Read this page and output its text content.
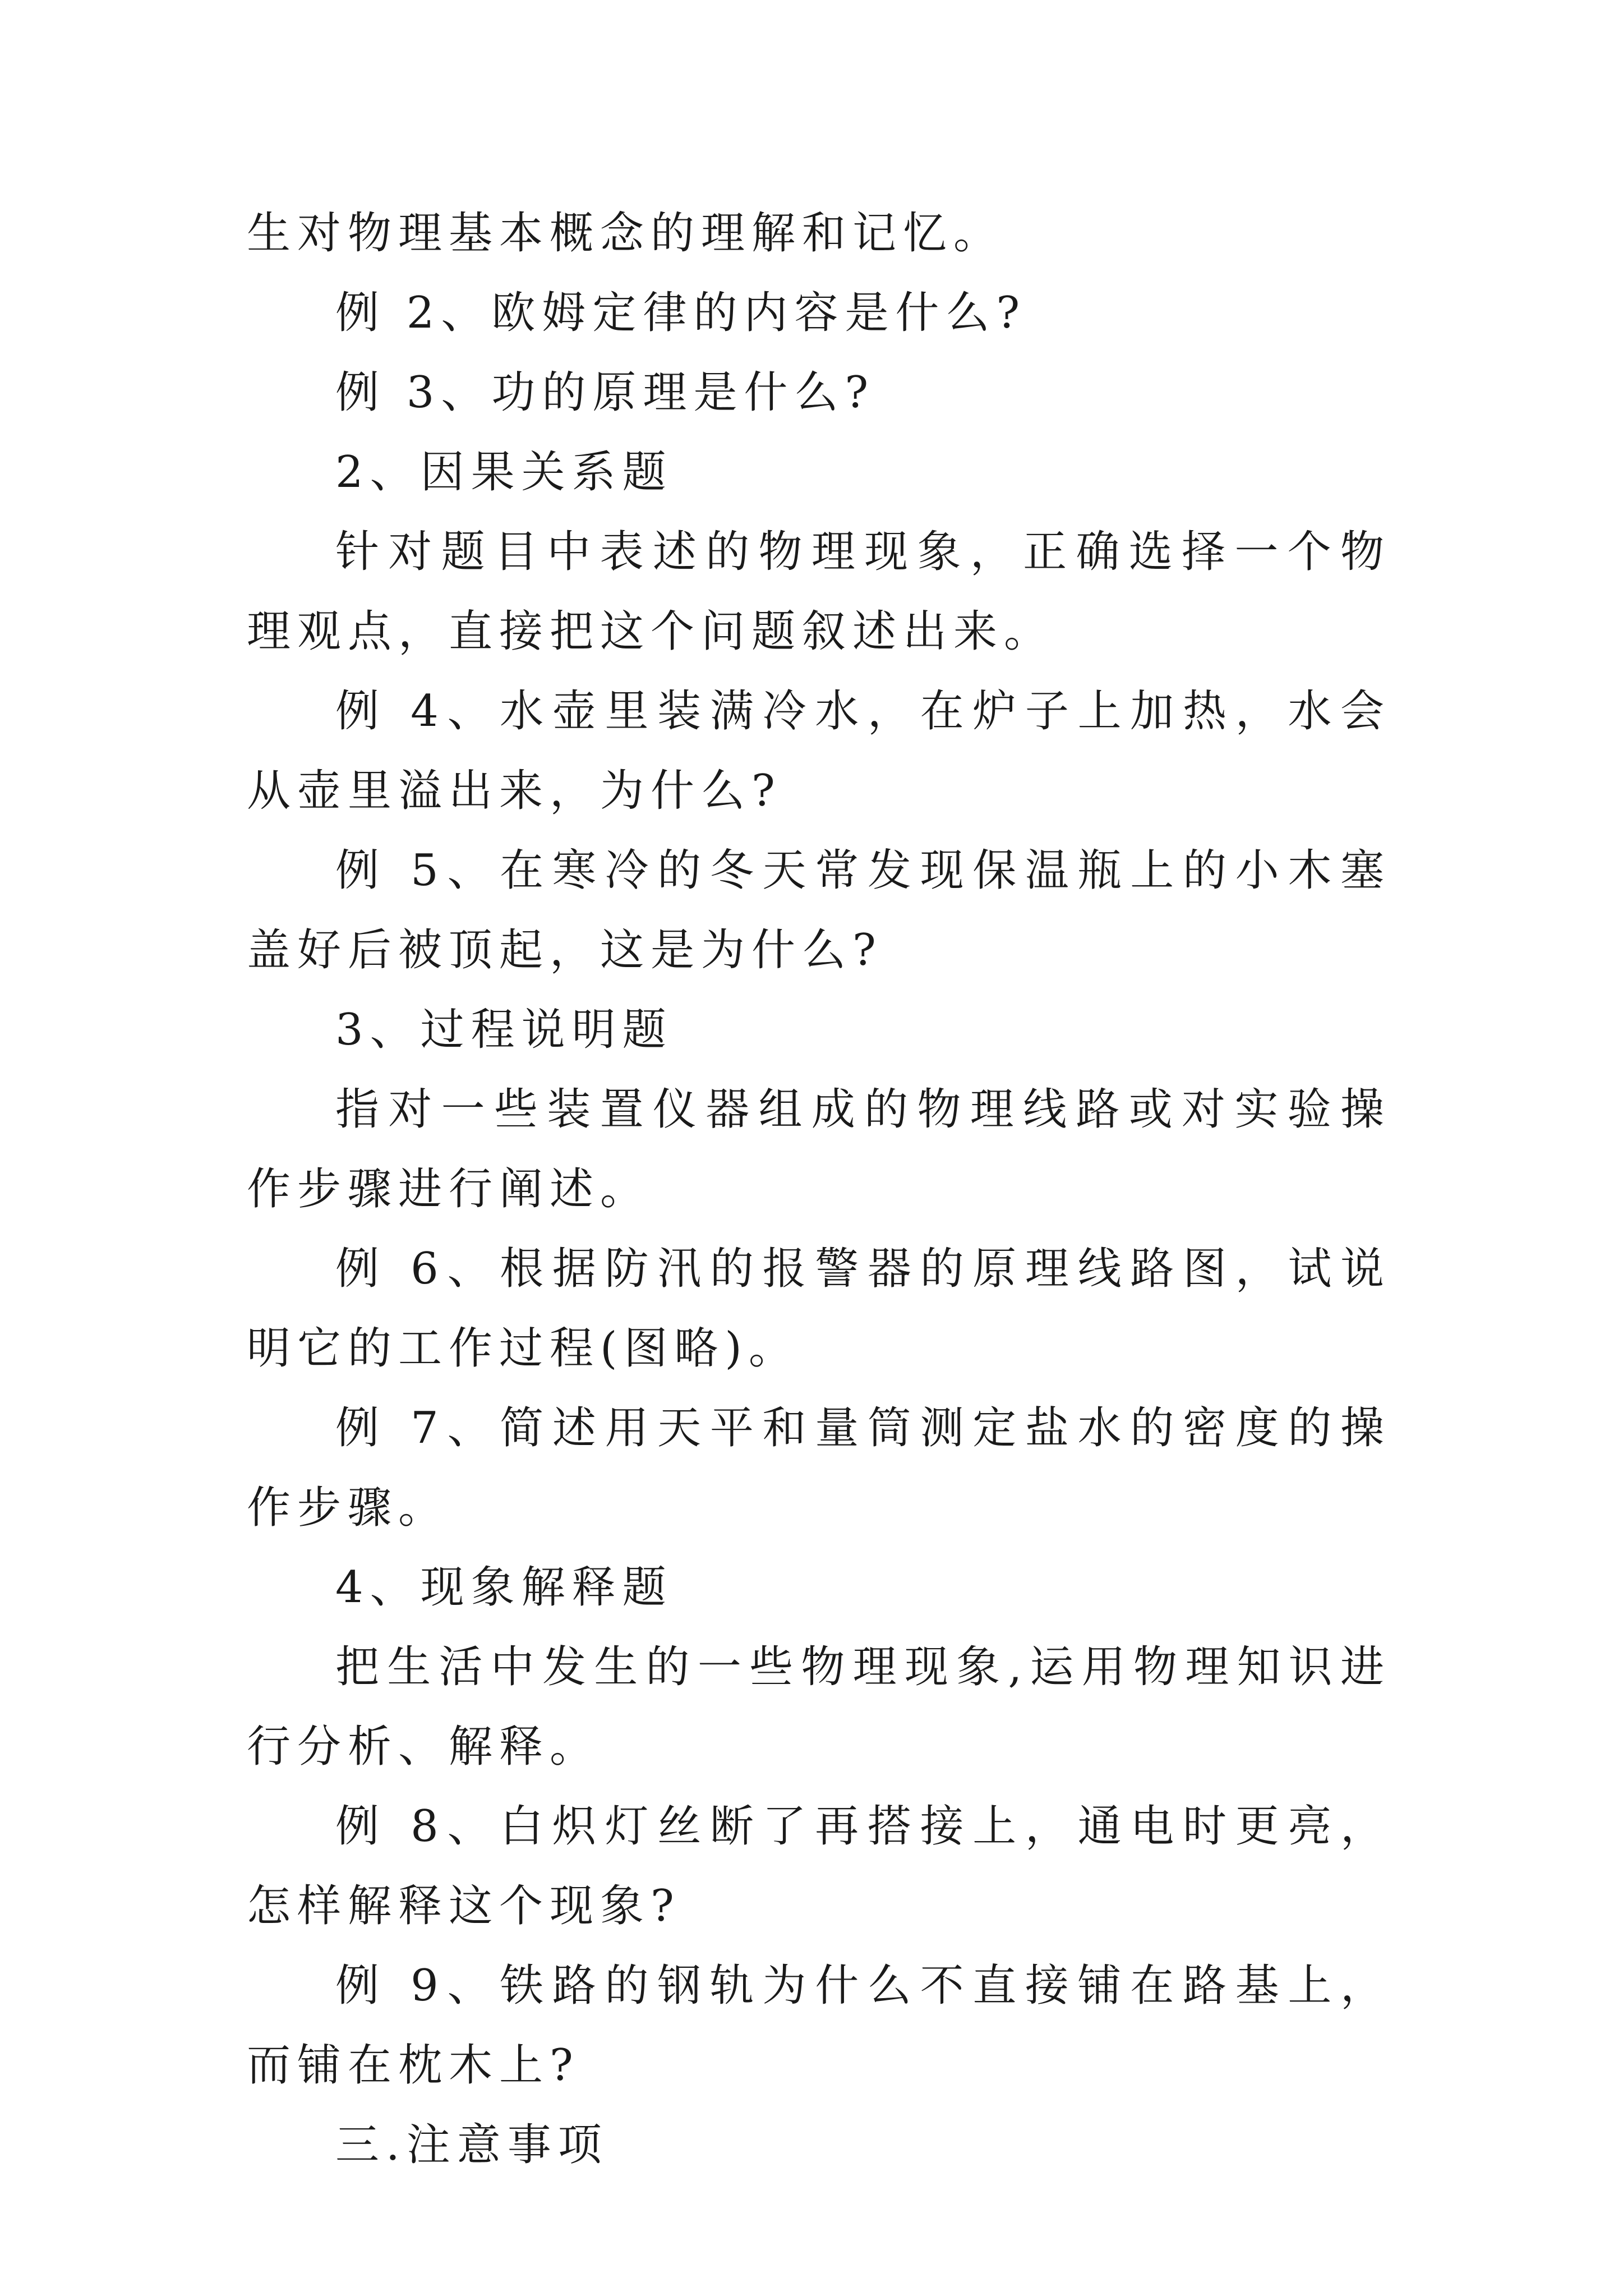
生对物理基本概念的理解和记忆。

例 2、欧姆定律的内容是什么?

例 3、功的原理是什么?

2、因果关系题

针对题目中表述的物理现象，正确选择一个物理观点，直接把这个问题叙述出来。

例 4、水壶里装满冷水，在炉子上加热，水会从壶里溢出来，为什么?

例 5、在寒冷的冬天常发现保温瓶上的小木塞盖好后被顶起，这是为什么?

3、过程说明题

指对一些装置仪器组成的物理线路或对实验操作步骤进行阐述。

例 6、根据防汛的报警器的原理线路图，试说明它的工作过程(图略)。

例 7、简述用天平和量筒测定盐水的密度的操作步骤。

4、现象解释题

把生活中发生的一些物理现象,运用物理知识进行分析、解释。

例 8、白炽灯丝断了再搭接上，通电时更亮，怎样解释这个现象?

例 9、铁路的钢轨为什么不直接铺在路基上，而铺在枕木上?

三.注意事项
